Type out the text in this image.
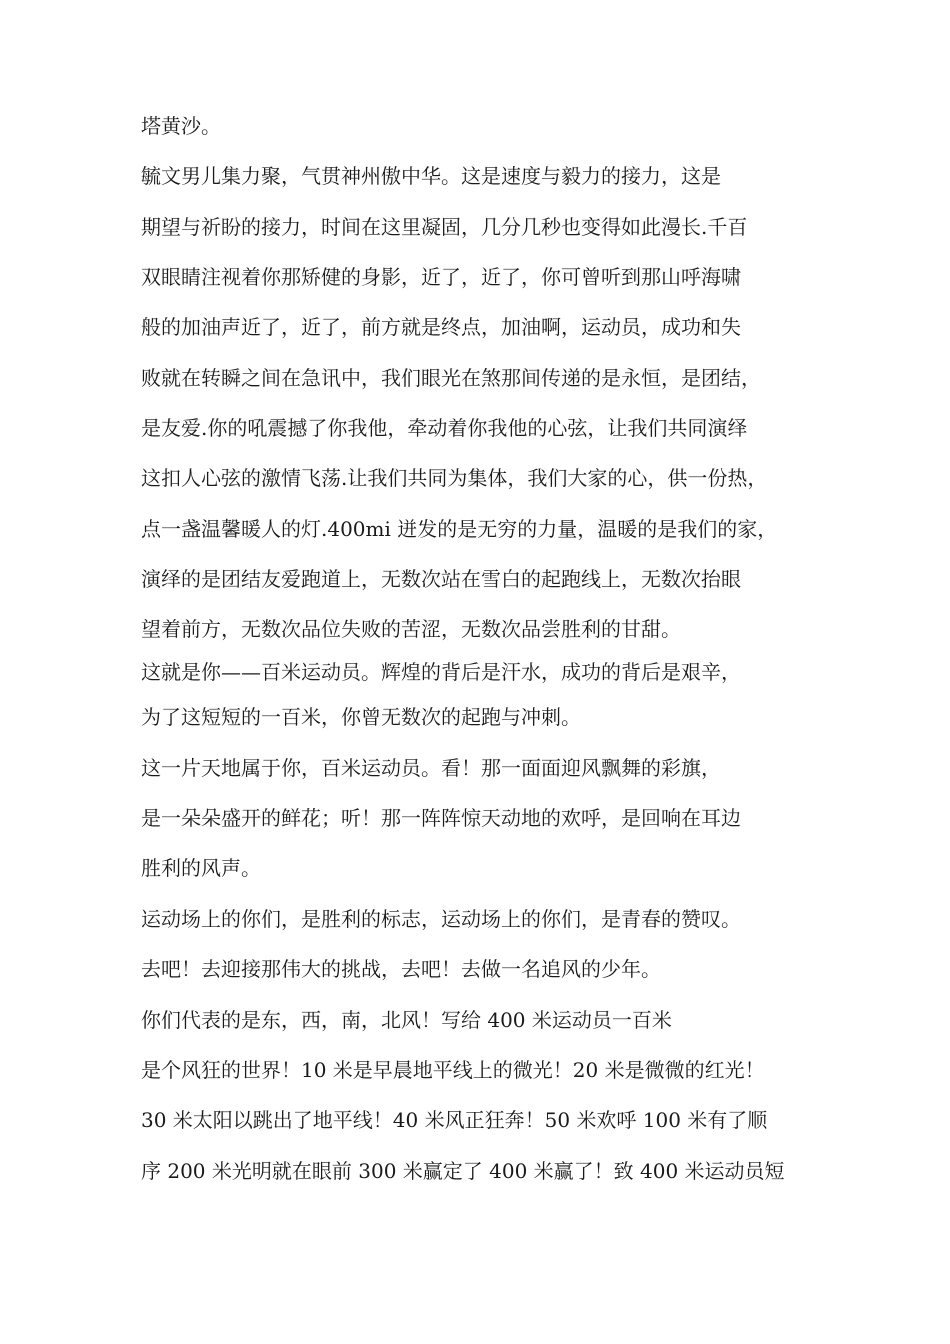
塔黄沙。
毓文男儿集力聚，气贯神州傲中华。这是速度与毅力的接力，这是
期望与祈盼的接力，时间在这里凝固，几分几秒也变得如此漫长.千百
双眼睛注视着你那矫健的身影，近了，近了，你可曾听到那山呼海啸
般的加油声近了，近了，前方就是终点，加油啊，运动员，成功和失
败就在转瞬之间在急讯中，我们眼光在煞那间传递的是永恒，是团结，
是友爱.你的吼震撼了你我他，牵动着你我他的心弦，让我们共同演绎
这扣人心弦的激情飞荡.让我们共同为集体，我们大家的心，供一份热，
点一盏温馨暖人的灯.400mi 迸发的是无穷的力量，温暖的是我们的家，
演绎的是团结友爱跑道上，无数次站在雪白的起跑线上，无数次抬眼
望着前方，无数次品位失败的苦涩，无数次品尝胜利的甘甜。
这就是你——百米运动员。辉煌的背后是汗水，成功的背后是艰辛，
为了这短短的一百米，你曾无数次的起跑与冲刺。
这一片天地属于你，百米运动员。看！那一面面迎风飘舞的彩旗，
是一朵朵盛开的鲜花；听！那一阵阵惊天动地的欢呼，是回响在耳边
胜利的风声。
运动场上的你们，是胜利的标志，运动场上的你们，是青春的赞叹。
去吧！去迎接那伟大的挑战，去吧！去做一名追风的少年。
你们代表的是东，西，南，北风！写给 400 米运动员一百米
是个风狂的世界！10 米是早晨地平线上的微光！20 米是微微的红光！
30 米太阳以跳出了地平线！40 米风正狂奔！50 米欢呼 100 米有了顺
序 200 米光明就在眼前 300 米赢定了 400 米赢了！致 400 米运动员短
